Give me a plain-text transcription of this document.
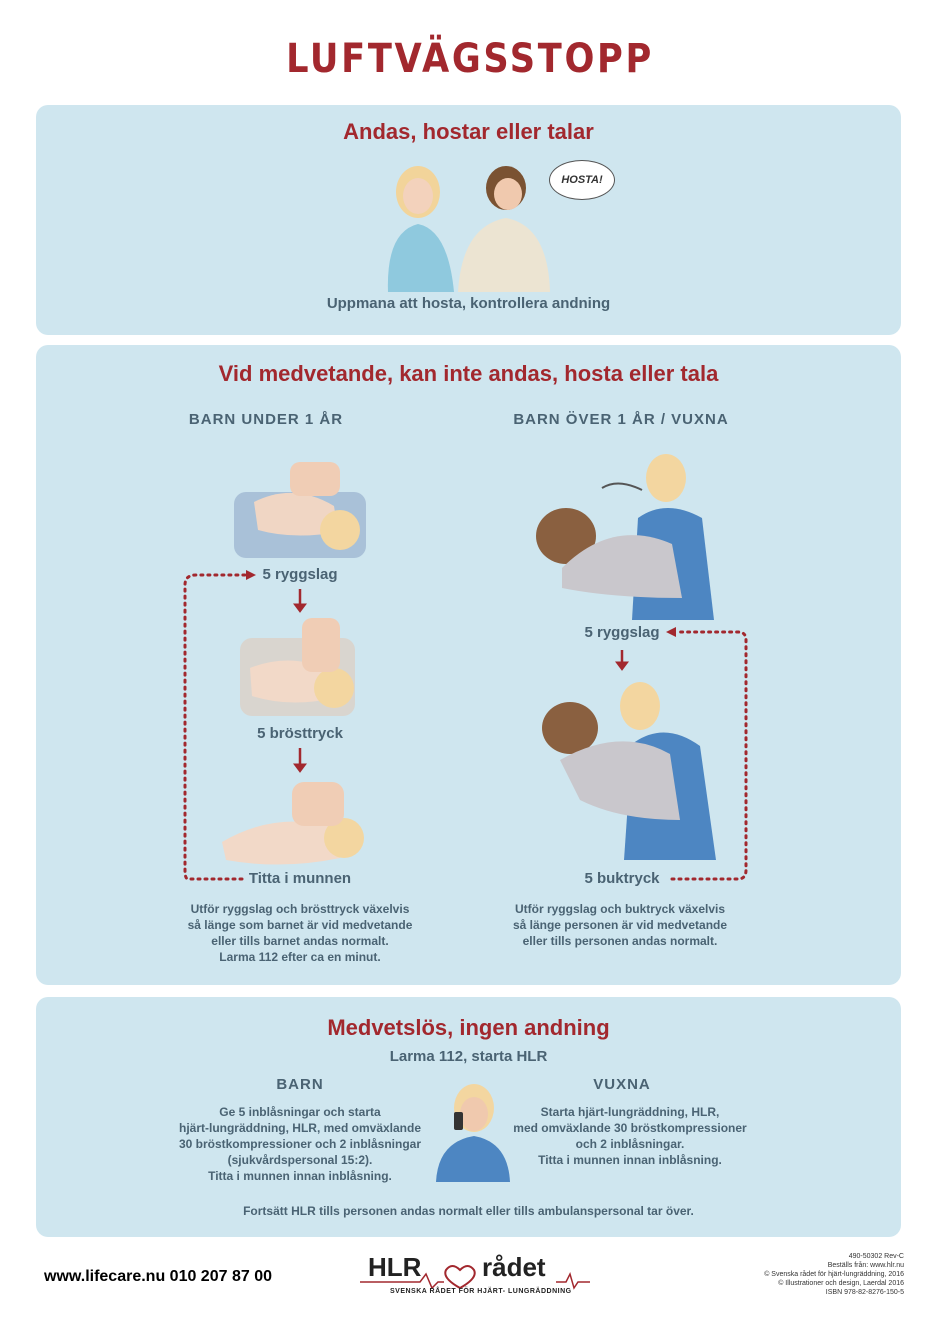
LUFTVÄGSSTOPP
Andas, hostar eller talar
Uppmana att hosta, kontrollera andning
HOSTA!
Vid medvetande, kan inte andas, hosta eller tala
BARN UNDER 1 ÅR	BARN ÖVER 1 ÅR / VUXNA
5 ryggslag
5 brösttryck
Titta i munnen
5 ryggslag
5 buktryck
Utför ryggslag och brösttryck växelvis
så länge som barnet är vid medvetande
eller tills barnet andas normalt.
Larma 112 efter ca en minut.
Utför ryggslag och buktryck växelvis
så länge personen är vid medvetande
eller tills personen andas normalt.
Medvetslös, ingen andning
Larma 112, starta HLR
BARN	VUXNA
Ge 5 inblåsningar och starta
hjärt-lungräddning, HLR, med omväxlande
30 bröstkompressioner och 2 inblåsningar
(sjukvårdspersonal 15:2).
Titta i munnen innan inblåsning.
Starta hjärt-lungräddning, HLR,
med omväxlande 30 bröstkompressioner
och 2 inblåsningar.
Titta i munnen innan inblåsning.
Fortsätt HLR tills personen andas normalt eller tills ambulanspersonal tar över.
www.lifecare.nu 010 207 87 00	HLR rådet
SVENSKA RÅDET FÖR HJÄRT- LUNGRÄDDNING
490-50302 Rev-C
Beställs från: www.hlr.nu
© Svenska rådet för hjärt-lungräddning, 2016
© Illustrationer och design, Laerdal 2016
ISBN 978-82-8276-150-5
